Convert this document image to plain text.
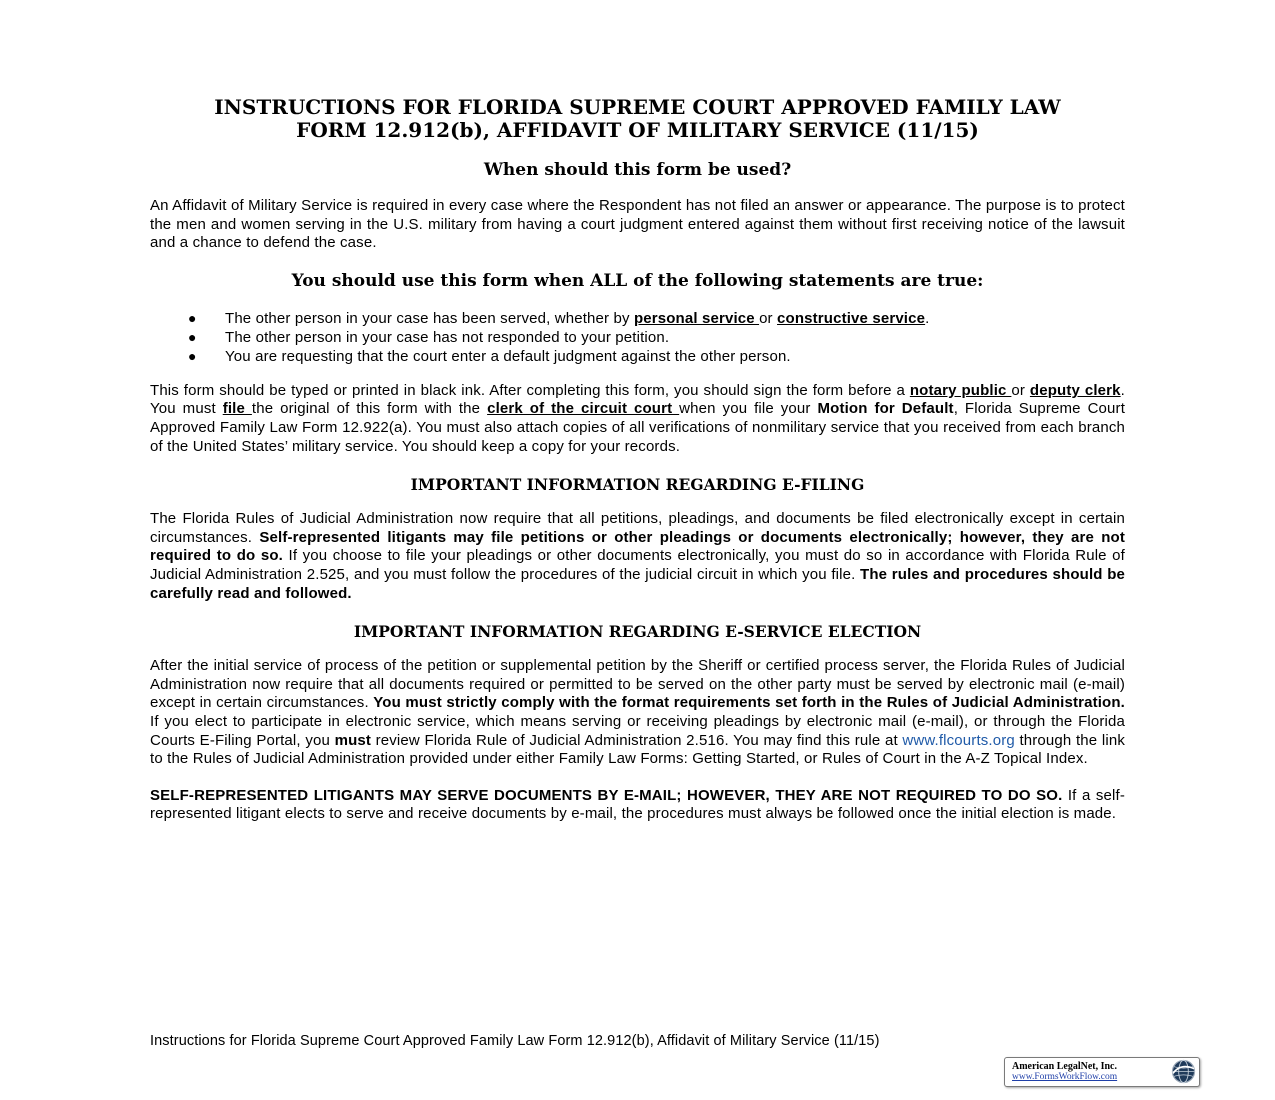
INSTRUCTIONS FOR FLORIDA SUPREME COURT APPROVED FAMILY LAW
FORM 12.912(b), AFFIDAVIT OF MILITARY SERVICE (11/15)
When should this form be used?

An Affidavit of Military Service is required in every case where the Respondent has not filed an answer or appearance. The purpose is to protect the men and women serving in the U.S. military from having a court judgment entered against them without first receiving notice of the lawsuit and a chance to defend the case.

You should use this form when ALL of the following statements are true:
● The other person in your case has been served, whether by personal service or constructive service.
● The other person in your case has not responded to your petition.
● You are requesting that the court enter a default judgment against the other person.

This form should be typed or printed in black ink. After completing this form, you should sign the form before a notary public or deputy clerk. You must file the original of this form with the clerk of the circuit court when you file your Motion for Default, Florida Supreme Court Approved Family Law Form 12.922(a). You must also attach copies of all verifications of nonmilitary service that you received from each branch of the United States’ military service. You should keep a copy for your records.

IMPORTANT INFORMATION REGARDING E-FILING

The Florida Rules of Judicial Administration now require that all petitions, pleadings, and documents be filed electronically except in certain circumstances. Self-represented litigants may file petitions or other pleadings or documents electronically; however, they are not required to do so. If you choose to file your pleadings or other documents electronically, you must do so in accordance with Florida Rule of Judicial Administration 2.525, and you must follow the procedures of the judicial circuit in which you file. The rules and procedures should be carefully read and followed.

IMPORTANT INFORMATION REGARDING E-SERVICE ELECTION

After the initial service of process of the petition or supplemental petition by the Sheriff or certified process server, the Florida Rules of Judicial Administration now require that all documents required or permitted to be served on the other party must be served by electronic mail (e-mail) except in certain circumstances. You must strictly comply with the format requirements set forth in the Rules of Judicial Administration. If you elect to participate in electronic service, which means serving or receiving pleadings by electronic mail (e-mail), or through the Florida Courts E-Filing Portal, you must review Florida Rule of Judicial Administration 2.516. You may find this rule at www.flcourts.org through the link to the Rules of Judicial Administration provided under either Family Law Forms: Getting Started, or Rules of Court in the A-Z Topical Index.

SELF-REPRESENTED LITIGANTS MAY SERVE DOCUMENTS BY E-MAIL; HOWEVER, THEY ARE NOT REQUIRED TO DO SO. If a self-represented litigant elects to serve and receive documents by e-mail, the procedures must always be followed once the initial election is made.

Instructions for Florida Supreme Court Approved Family Law Form 12.912(b), Affidavit of Military Service (11/15)
American LegalNet, Inc.
www.FormsWorkFlow.com
